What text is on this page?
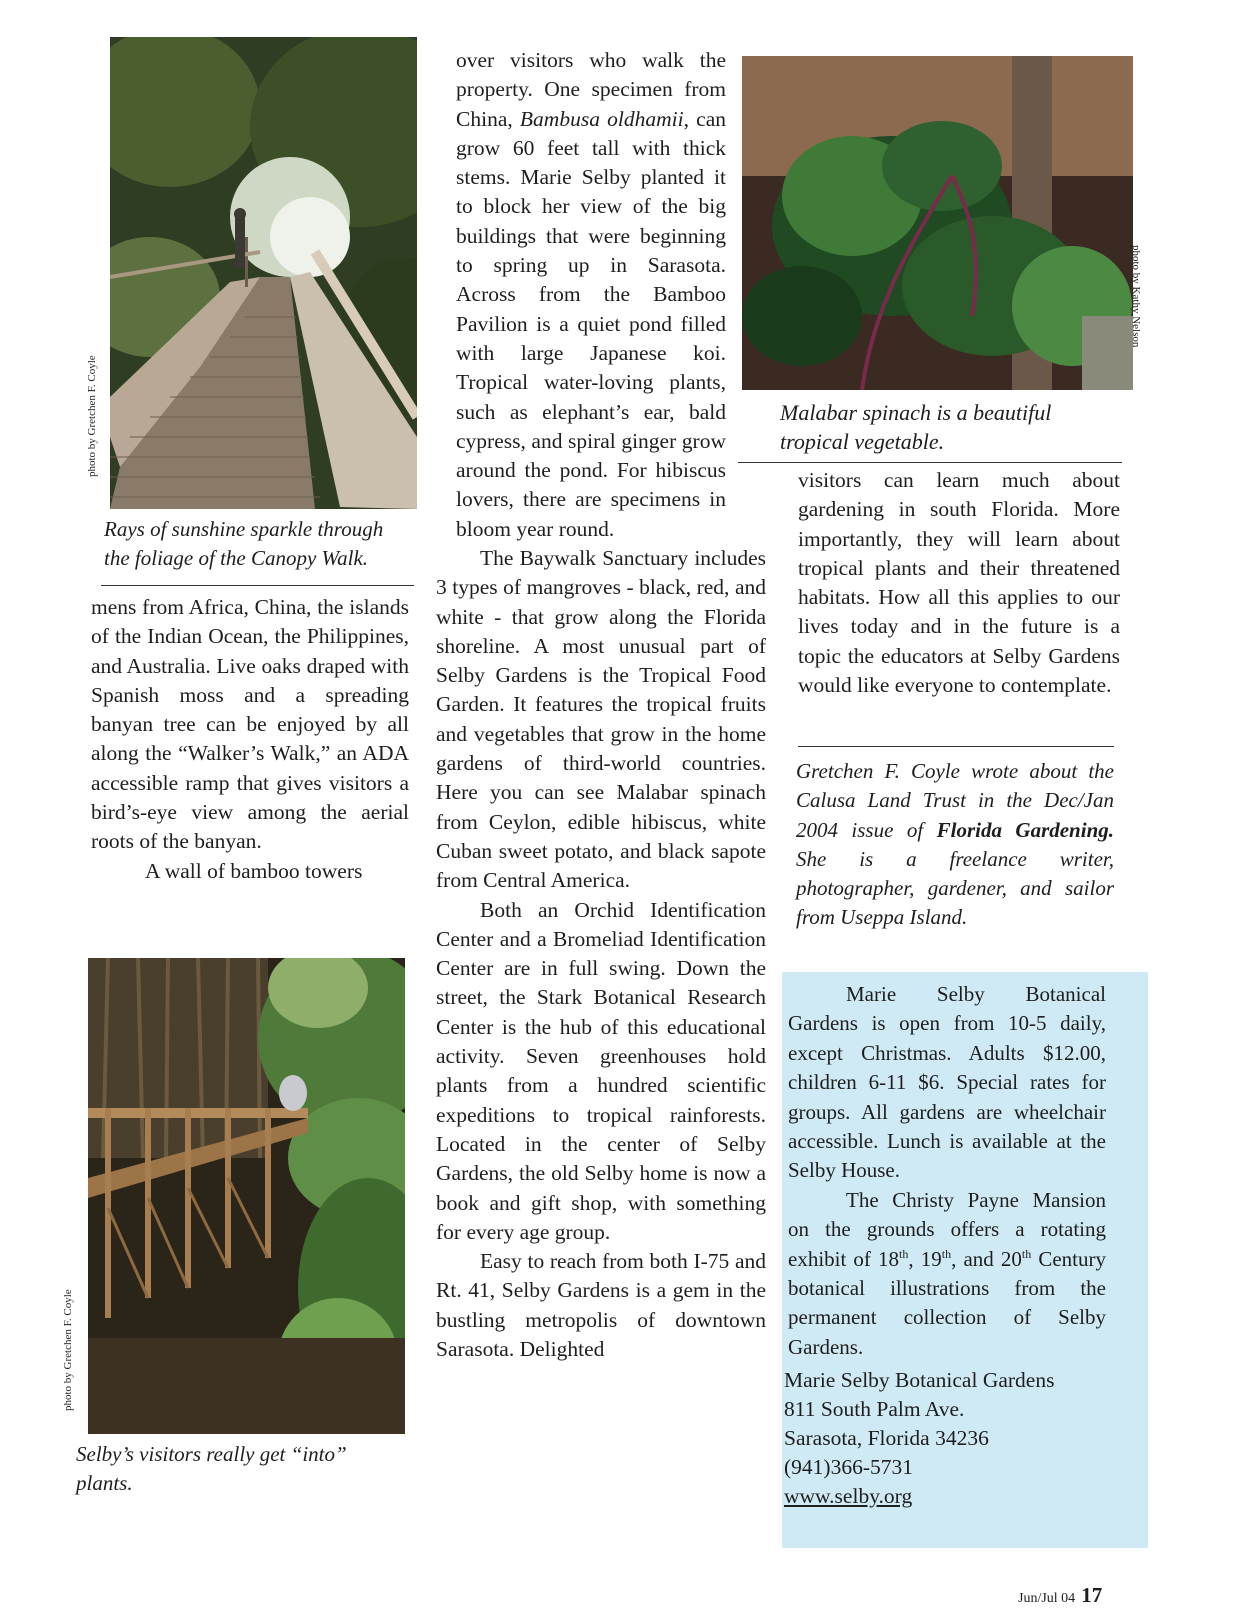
photo by Gretchen F. Coyle
Rays of sunshine sparkle through
the foliage of the Canopy Walk.

mens from Africa, China, the islands of the Indian Ocean, the Philippines, and Australia. Live oaks draped with Spanish moss and a spreading banyan tree can be enjoyed by all along the “Walker’s Walk,” an ADA accessible ramp that gives visitors a bird’s-eye view among the aerial roots of the banyan.

A wall of bamboo towers

photo by Gretchen F. Coyle
Selby’s visitors really get “into”
plants.

over visitors who walk the property. One specimen from China, Bambusa oldhamii, can grow 60 feet tall with thick stems. Marie Selby planted it to block her view of the big buildings that were beginning to spring up in Sarasota. Across from the Bamboo Pavilion is a quiet pond filled with large Japanese koi. Tropical water-loving plants, such as elephant’s ear, bald cypress, and spiral ginger grow around the pond. For hibiscus lovers, there are specimens in bloom year round.

photo by Kathy Nelson
Malabar spinach is a beautiful
tropical vegetable.

visitors can learn much about gardening in south Florida. More importantly, they will learn about tropical plants and their threatened habitats. How all this applies to our lives today and in the future is a topic the educators at Selby Gardens would like everyone to contemplate.

Gretchen F. Coyle wrote about the Calusa Land Trust in the Dec/Jan 2004 issue of Florida Gardening. She is a freelance writer, photographer, gardener, and sailor from Useppa Island.

Marie Selby Botanical Gardens is open from 10-5 daily, except Christmas. Adults $12.00, children 6-11 $6. Special rates for groups. All gardens are wheelchair accessible. Lunch is available at the Selby House.

The Christy Payne Mansion on the grounds offers a rotating exhibit of 18th, 19th, and 20th Century botanical illustrations from the permanent collection of Selby Gardens.

Marie Selby Botanical Gardens
811 South Palm Ave.
Sarasota, Florida 34236
(941)366-5731
www.selby.org
Jun/Jul 04 17

The Baywalk Sanctuary includes 3 types of mangroves - black, red, and white - that grow along the Florida shoreline. A most unusual part of Selby Gardens is the Tropical Food Garden. It features the tropical fruits and vegetables that grow in the home gardens of third-world countries. Here you can see Malabar spinach from Ceylon, edible hibiscus, white Cuban sweet potato, and black sapote from Central America.

Both an Orchid Identification Center and a Bromeliad Identification Center are in full swing. Down the street, the Stark Botanical Research Center is the hub of this educational activity. Seven greenhouses hold plants from a hundred scientific expeditions to tropical rainforests. Located in the center of Selby Gardens, the old Selby home is now a book and gift shop, with something for every age group.

Easy to reach from both I-75 and Rt. 41, Selby Gardens is a gem in the bustling metropolis of downtown Sarasota. Delighted
